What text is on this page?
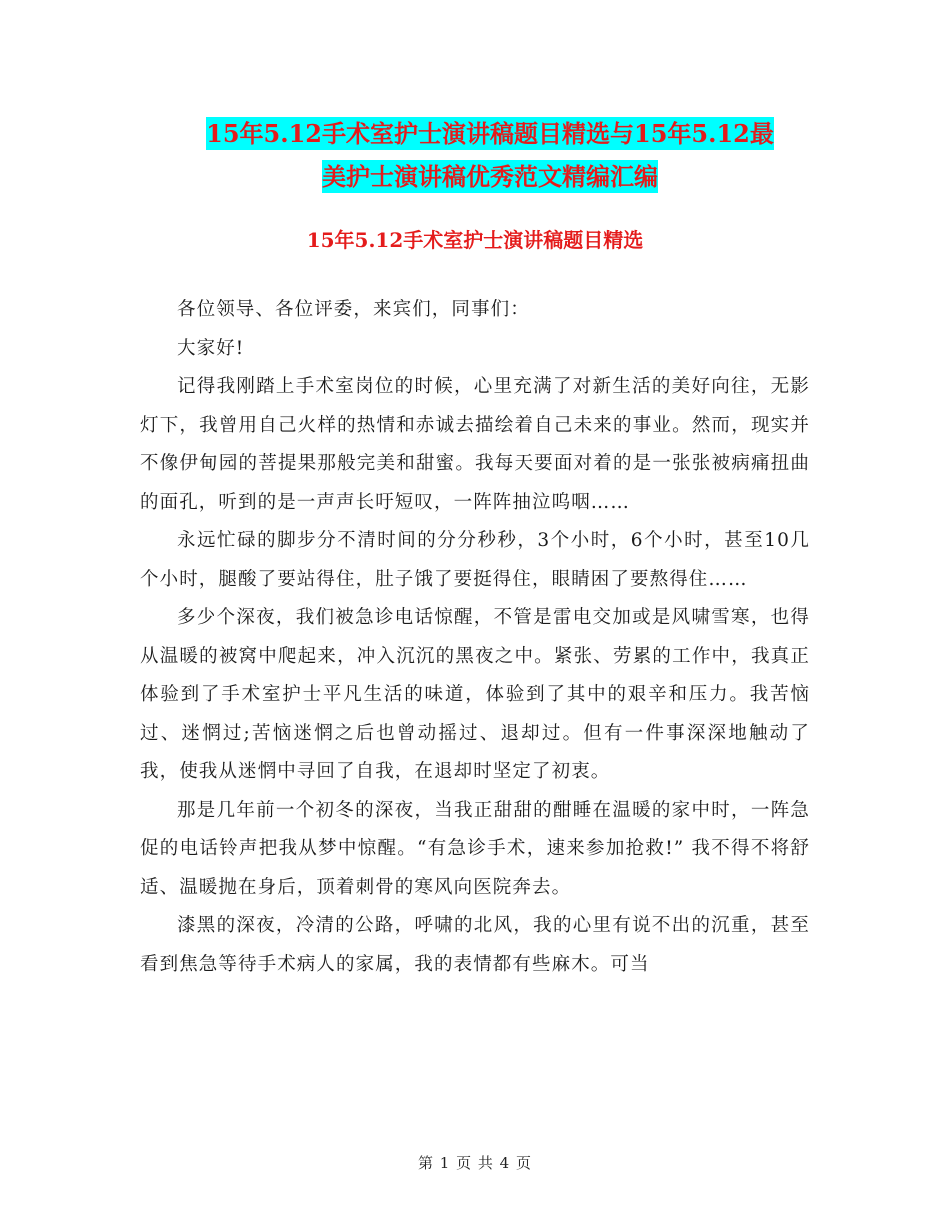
15年5.12手术室护士演讲稿题目精选与15年5.12最
美护士演讲稿优秀范文精编汇编
15年5.12手术室护士演讲稿题目精选

各位领导、各位评委，来宾们，同事们：

大家好!

记得我刚踏上手术室岗位的时候，心里充满了对新生活的美好向往，无影灯下，我曾用自己火样的热情和赤诚去描绘着自己未来的事业。然而，现实并不像伊甸园的菩提果那般完美和甜蜜。我每天要面对着的是一张张被病痛扭曲的面孔，听到的是一声声长吁短叹，一阵阵抽泣呜咽……

永远忙碌的脚步分不清时间的分分秒秒，3个小时，6个小时，甚至10几个小时，腿酸了要站得住，肚子饿了要挺得住，眼睛困了要熬得住……

多少个深夜，我们被急诊电话惊醒，不管是雷电交加或是风啸雪寒，也得从温暖的被窝中爬起来，冲入沉沉的黑夜之中。紧张、劳累的工作中，我真正体验到了手术室护士平凡生活的味道，体验到了其中的艰辛和压力。我苦恼过、迷惘过;苦恼迷惘之后也曾动摇过、退却过。但有一件事深深地触动了我，使我从迷惘中寻回了自我，在退却时坚定了初衷。

那是几年前一个初冬的深夜，当我正甜甜的酣睡在温暖的家中时，一阵急促的电话铃声把我从梦中惊醒。“有急诊手术，速来参加抢救!” 我不得不将舒适、温暖抛在身后，顶着刺骨的寒风向医院奔去。

漆黑的深夜，冷清的公路，呼啸的北风，我的心里有说不出的沉重，甚至看到焦急等待手术病人的家属，我的表情都有些麻木。可当

第 1 页 共 4 页
